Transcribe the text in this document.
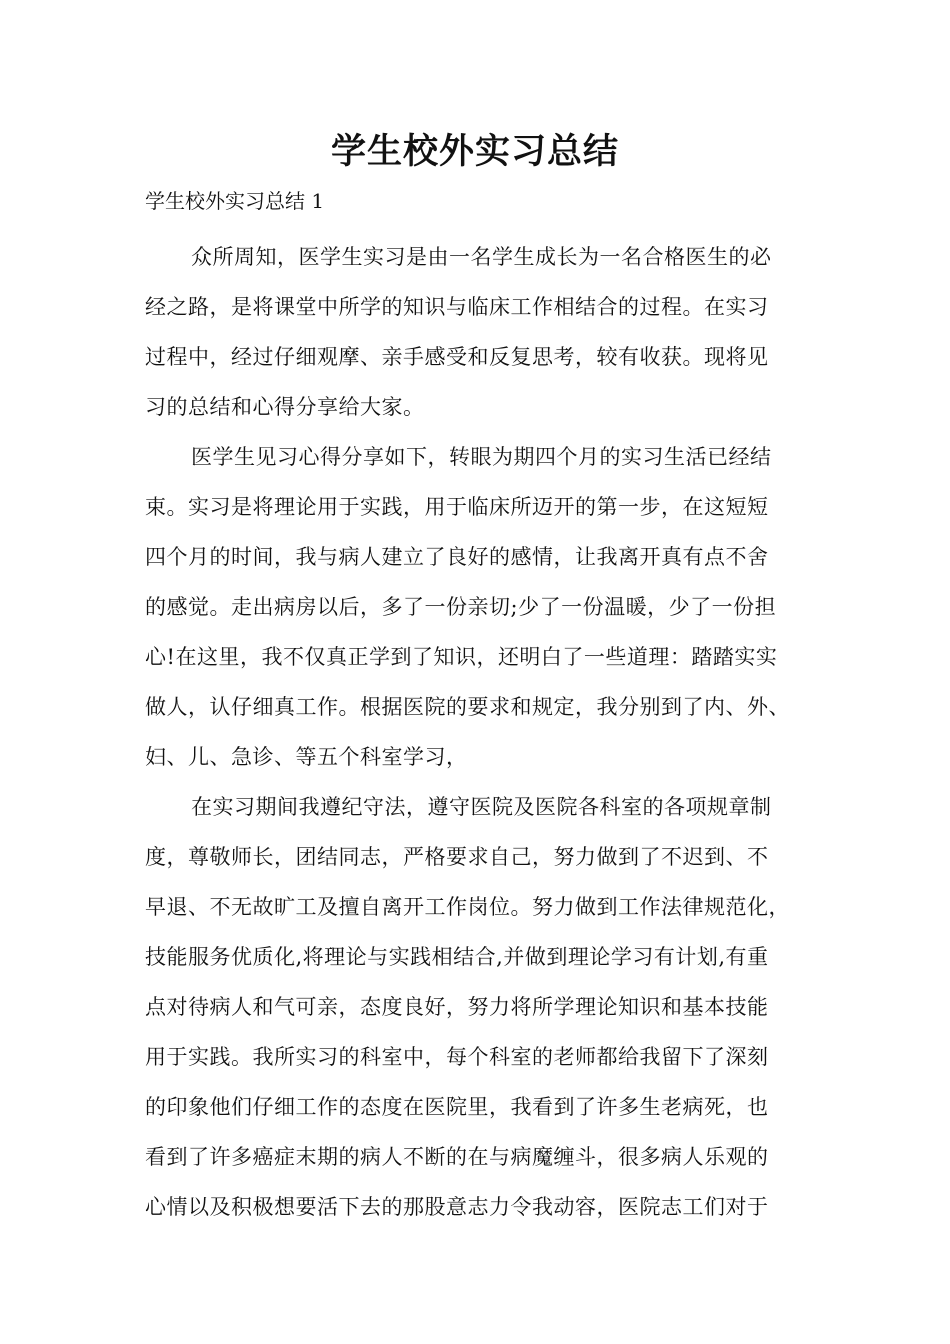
学生校外实习总结

学生校外实习总结 1

众所周知，医学生实习是由一名学生成长为一名合格医生的必
经之路，是将课堂中所学的知识与临床工作相结合的过程。在实习
过程中，经过仔细观摩、亲手感受和反复思考，较有收获。现将见
习的总结和心得分享给大家。
医学生见习心得分享如下，转眼为期四个月的实习生活已经结
束。实习是将理论用于实践，用于临床所迈开的第一步，在这短短
四个月的时间，我与病人建立了良好的感情，让我离开真有点不舍
的感觉。走出病房以后，多了一份亲切;少了一份温暖，少了一份担
心!在这里，我不仅真正学到了知识，还明白了一些道理：踏踏实实
做人，认仔细真工作。根据医院的要求和规定，我分别到了内、外、
妇、儿、急诊、等五个科室学习，
在实习期间我遵纪守法，遵守医院及医院各科室的各项规章制
度，尊敬师长，团结同志，严格要求自己，努力做到了不迟到、不
早退、不无故旷工及擅自离开工作岗位。努力做到工作法律规范化，
技能服务优质化,将理论与实践相结合,并做到理论学习有计划,有重
点对待病人和气可亲，态度良好，努力将所学理论知识和基本技能
用于实践。我所实习的科室中，每个科室的老师都给我留下了深刻
的印象他们仔细工作的态度在医院里，我看到了许多生老病死，也
看到了许多癌症末期的病人不断的在与病魔缠斗，很多病人乐观的
心情以及积极想要活下去的那股意志力令我动容，医院志工们对于
